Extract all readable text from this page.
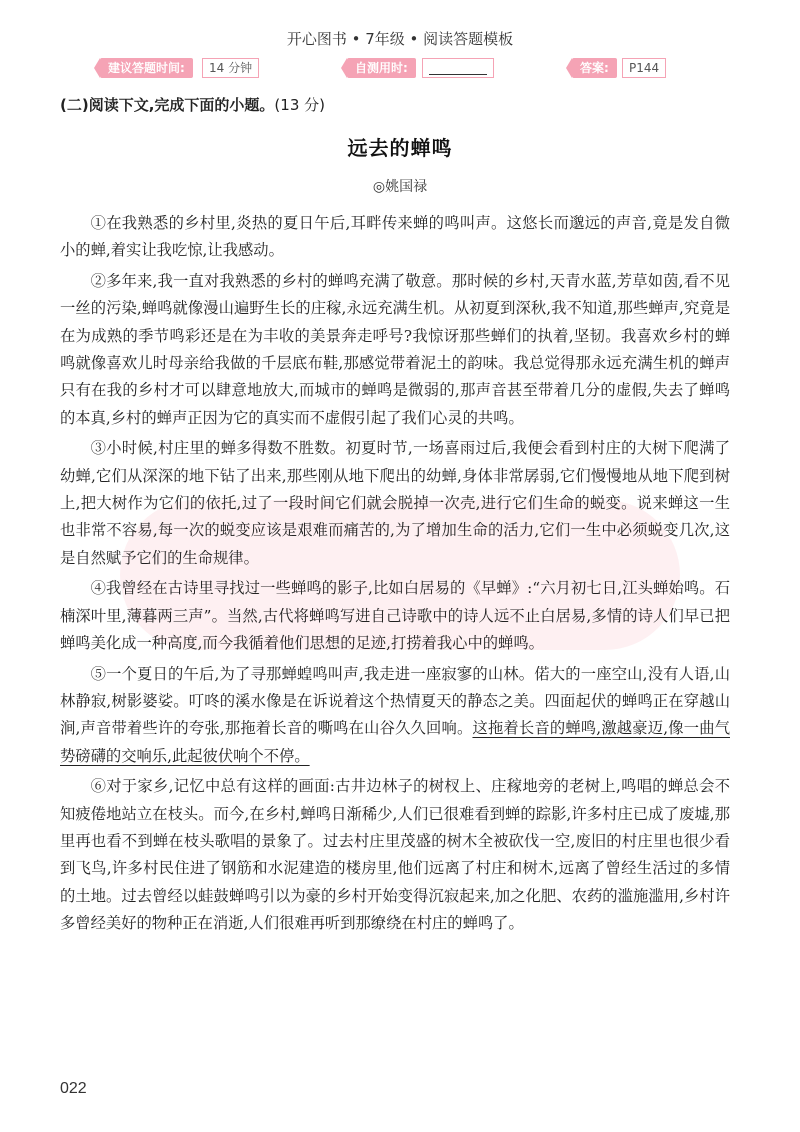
开心图书 • 7年级 • 阅读答题模板
建议答题时间:	14 分钟	自测用时:	答案:	P144
(二)阅读下文,完成下面的小题。(13 分)
远去的蝉鸣
◎姚国禄

①在我熟悉的乡村里,炎热的夏日午后,耳畔传来蝉的鸣叫声。这悠长而邈远的声音,竟是发自微小的蝉,着实让我吃惊,让我感动。

②多年来,我一直对我熟悉的乡村的蝉鸣充满了敬意。那时候的乡村,天青水蓝,芳草如茵,看不见一丝的污染,蝉鸣就像漫山遍野生长的庄稼,永远充满生机。从初夏到深秋,我不知道,那些蝉声,究竟是在为成熟的季节鸣彩还是在为丰收的美景奔走呼号?我惊讶那些蝉们的执着,坚韧。我喜欢乡村的蝉鸣就像喜欢儿时母亲给我做的千层底布鞋,那感觉带着泥土的韵味。我总觉得那永远充满生机的蝉声只有在我的乡村才可以肆意地放大,而城市的蝉鸣是微弱的,那声音甚至带着几分的虚假,失去了蝉鸣的本真,乡村的蝉声正因为它的真实而不虚假引起了我们心灵的共鸣。

③小时候,村庄里的蝉多得数不胜数。初夏时节,一场喜雨过后,我便会看到村庄的大树下爬满了幼蝉,它们从深深的地下钻了出来,那些刚从地下爬出的幼蝉,身体非常孱弱,它们慢慢地从地下爬到树上,把大树作为它们的依托,过了一段时间它们就会脱掉一次壳,进行它们生命的蜕变。说来蝉这一生也非常不容易,每一次的蜕变应该是艰难而痛苦的,为了增加生命的活力,它们一生中必须蜕变几次,这是自然赋予它们的生命规律。

④我曾经在古诗里寻找过一些蝉鸣的影子,比如白居易的《早蝉》:“六月初七日,江头蝉始鸣。石楠深叶里,薄暮两三声”。当然,古代将蝉鸣写进自己诗歌中的诗人远不止白居易,多情的诗人们早已把蝉鸣美化成一种高度,而今我循着他们思想的足迹,打捞着我心中的蝉鸣。

⑤一个夏日的午后,为了寻那蝉蝗鸣叫声,我走进一座寂寥的山林。偌大的一座空山,没有人语,山林静寂,树影婆娑。叮咚的溪水像是在诉说着这个热情夏天的静态之美。四面起伏的蝉鸣正在穿越山涧,声音带着些许的夸张,那拖着长音的嘶鸣在山谷久久回响。这拖着长音的蝉鸣,激越豪迈,像一曲气势磅礴的交响乐,此起彼伏响个不停。

⑥对于家乡,记忆中总有这样的画面:古井边林子的树杈上、庄稼地旁的老树上,鸣唱的蝉总会不知疲倦地站立在枝头。而今,在乡村,蝉鸣日渐稀少,人们已很难看到蝉的踪影,许多村庄已成了废墟,那里再也看不到蝉在枝头歌唱的景象了。过去村庄里茂盛的树木全被砍伐一空,废旧的村庄里也很少看到飞鸟,许多村民住进了钢筋和水泥建造的楼房里,他们远离了村庄和树木,远离了曾经生活过的多情的土地。过去曾经以蛙鼓蝉鸣引以为豪的乡村开始变得沉寂起来,加之化肥、农药的滥施滥用,乡村许多曾经美好的物种正在消逝,人们很难再听到那缭绕在村庄的蝉鸣了。

022
